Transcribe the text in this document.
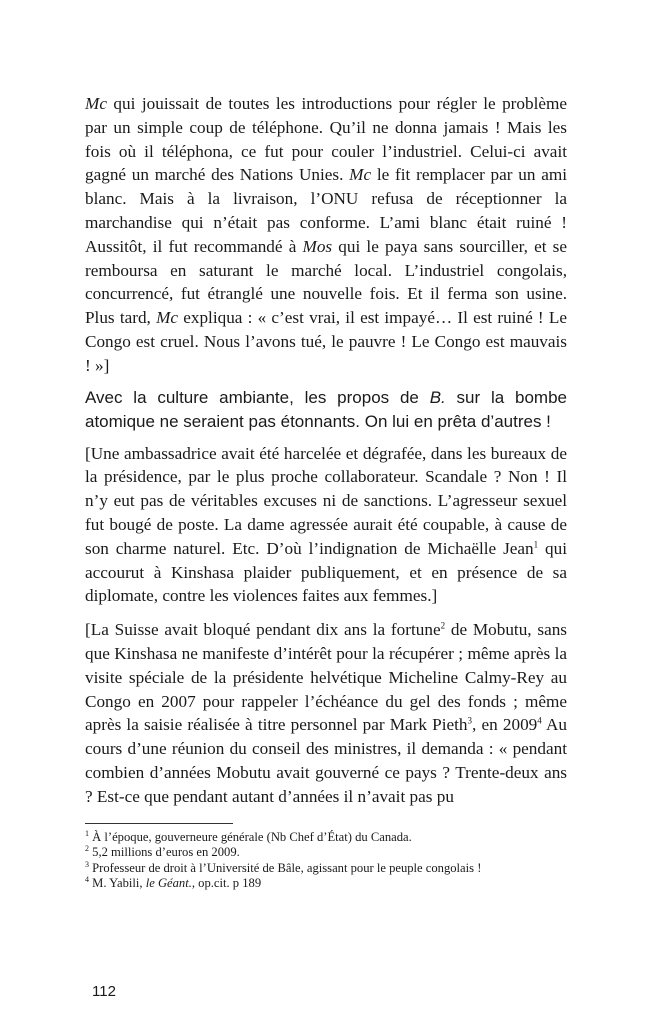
Mc qui jouissait de toutes les introductions pour régler le problème par un simple coup de téléphone. Qu’il ne donna jamais ! Mais les fois où il téléphona, ce fut pour couler l’industriel. Celui-ci avait gagné un marché des Nations Unies. Mc le fit remplacer par un ami blanc. Mais à la livraison, l’ONU refusa de réceptionner la marchandise qui n’était pas conforme. L’ami blanc était ruiné ! Aussitôt, il fut recommandé à Mos qui le paya sans sourciller, et se remboursa en saturant le marché local. L’industriel congolais, concurrencé, fut étranglé une nouvelle fois. Et il ferma son usine. Plus tard, Mc expliqua : « c’est vrai, il est impayé… Il est ruiné ! Le Congo est cruel. Nous l’avons tué, le pauvre ! Le Congo est mauvais ! »]

Avec la culture ambiante, les propos de B. sur la bombe atomique ne seraient pas étonnants. On lui en prêta d’autres !

[Une ambassadrice avait été harcelée et dégrafée, dans les bureaux de la présidence, par le plus proche collaborateur. Scandale ? Non ! Il n’y eut pas de véritables excuses ni de sanctions. L’agresseur sexuel fut bougé de poste. La dame agressée aurait été coupable, à cause de son charme naturel. Etc. D’où l’indignation de Michaëlle Jean$^1$ qui accourut à Kinshasa plaider publiquement, et en présence de sa diplomate, contre les violences faites aux femmes.]

[La Suisse avait bloqué pendant dix ans la fortune$^2$ de Mobutu, sans que Kinshasa ne manifeste d’intérêt pour la récupérer ; même après la visite spéciale de la présidente helvétique Micheline Calmy-Rey au Congo en 2007 pour rappeler l’échéance du gel des fonds ; même après la saisie réalisée à titre personnel par Mark Pieth$^3$, en 2009$^4$ Au cours d’une réunion du conseil des ministres, il demanda : « pendant combien d’années Mobutu avait gouverné ce pays ? Trente-deux ans ? Est-ce que pendant autant d’années il n’avait pas pu

$^1$ À l’époque, gouverneure générale (Nb Chef d’État) du Canada.

$^2$ 5,2 millions d’euros en 2009.

$^3$ Professeur de droit à l’Université de Bâle, agissant pour le peuple congolais !

$^4$ M. Yabili, le Géant., op.cit. p 189

112
